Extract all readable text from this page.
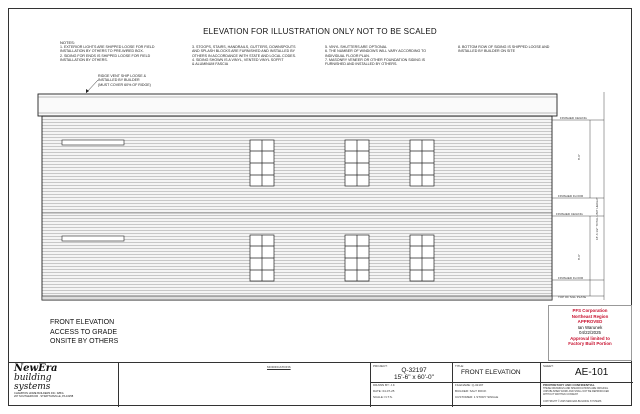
ELEVATION FOR ILLUSTRATION ONLY NOT TO BE SCALED
NOTES:
1. EXTERIOR LIGHTS ARE SHIPPED LOOSE FOR FIELD
INSTALLATION BY OTHERS TO PRE-WIRED BOX.
2. SIDING FOR ENDS IS SHIPPED LOOSE FOR FIELD
INSTALLATION BY OTHERS.
3. STOOPS, STAIRS, HANDRAILS, GUTTERS, DOWNSPOUTS
AND SPLASH BLOCKS ARE FURNISHED AND INSTALLED BY
OTHERS IN ACCORDANCE WITH STATE AND LOCAL CODES.
4. SIDING SHOWN IS A VINYL, VENTED VINYL SOFFIT
& ALUMINUM FASCIA
5. VINYL SHUTTERS ARE OPTIONAL
6. THE NUMBER OF WINDOWS WILL VARY ACCORDING TO
INDIVIDUAL FLOOR PLAN.
7. MASONRY VENEER OR OTHER FOUNDATION SIDING IS
FURNISHED AND INSTALLED BY OTHERS.
8. BOTTOM ROW OF SIDING IS SHIPPED LOOSE AND
INSTALLED BY BUILDER ON SITE
RIDGE VENT SHIP LOOSE &
INSTALLED BY BUILDER
(MUST COVER 60% OF RIDGE)
FINISHED CEILING
FINISHED FLOOR
FINISHED CEILING
FINISHED FLOOR
TOP OF SILL PLATE
8'-0"
8'-0"
18'-6 1/2" TOTAL UNIT HEIGHT
FRONT ELEVATION
ACCESS TO GRADE
ONSITE BY OTHERS
PFS Corporation
Northeast Region
APPROVED
Ian Warunek
04/22/2025
Approval limited to
Factory Built Portion
NewEra
building
systems
CHAMPION HOME BUILDERS INC. D/B/A
207 SOUTHERN DR · STRATTANVILLE, PA 16258
MODIFICATIONS	PROJECT:
Q-32197
15'-6" x 60'-0"
DRAWN BY: J.F.
DATE: 04-07-25
SCALE: N.T.S.
TITLE:
FRONT ELEVATION
FILENAME: Q-32197
BUILDER: SALT ROCK
CUSTOMER: 1 STORY SINGLE
SHEET:
AE-101
PROPRIETARY AND CONFIDENTIAL
THESE DRAWINGS AND SPECIFICATIONS ARE ORIGINAL
UNPUBLISHED WORK AND SHALL NOT BE REPRODUCED
WITHOUT WRITTEN CONSENT
COPYRIGHT © 2025 NEW ERA BUILDING SYSTEMS
